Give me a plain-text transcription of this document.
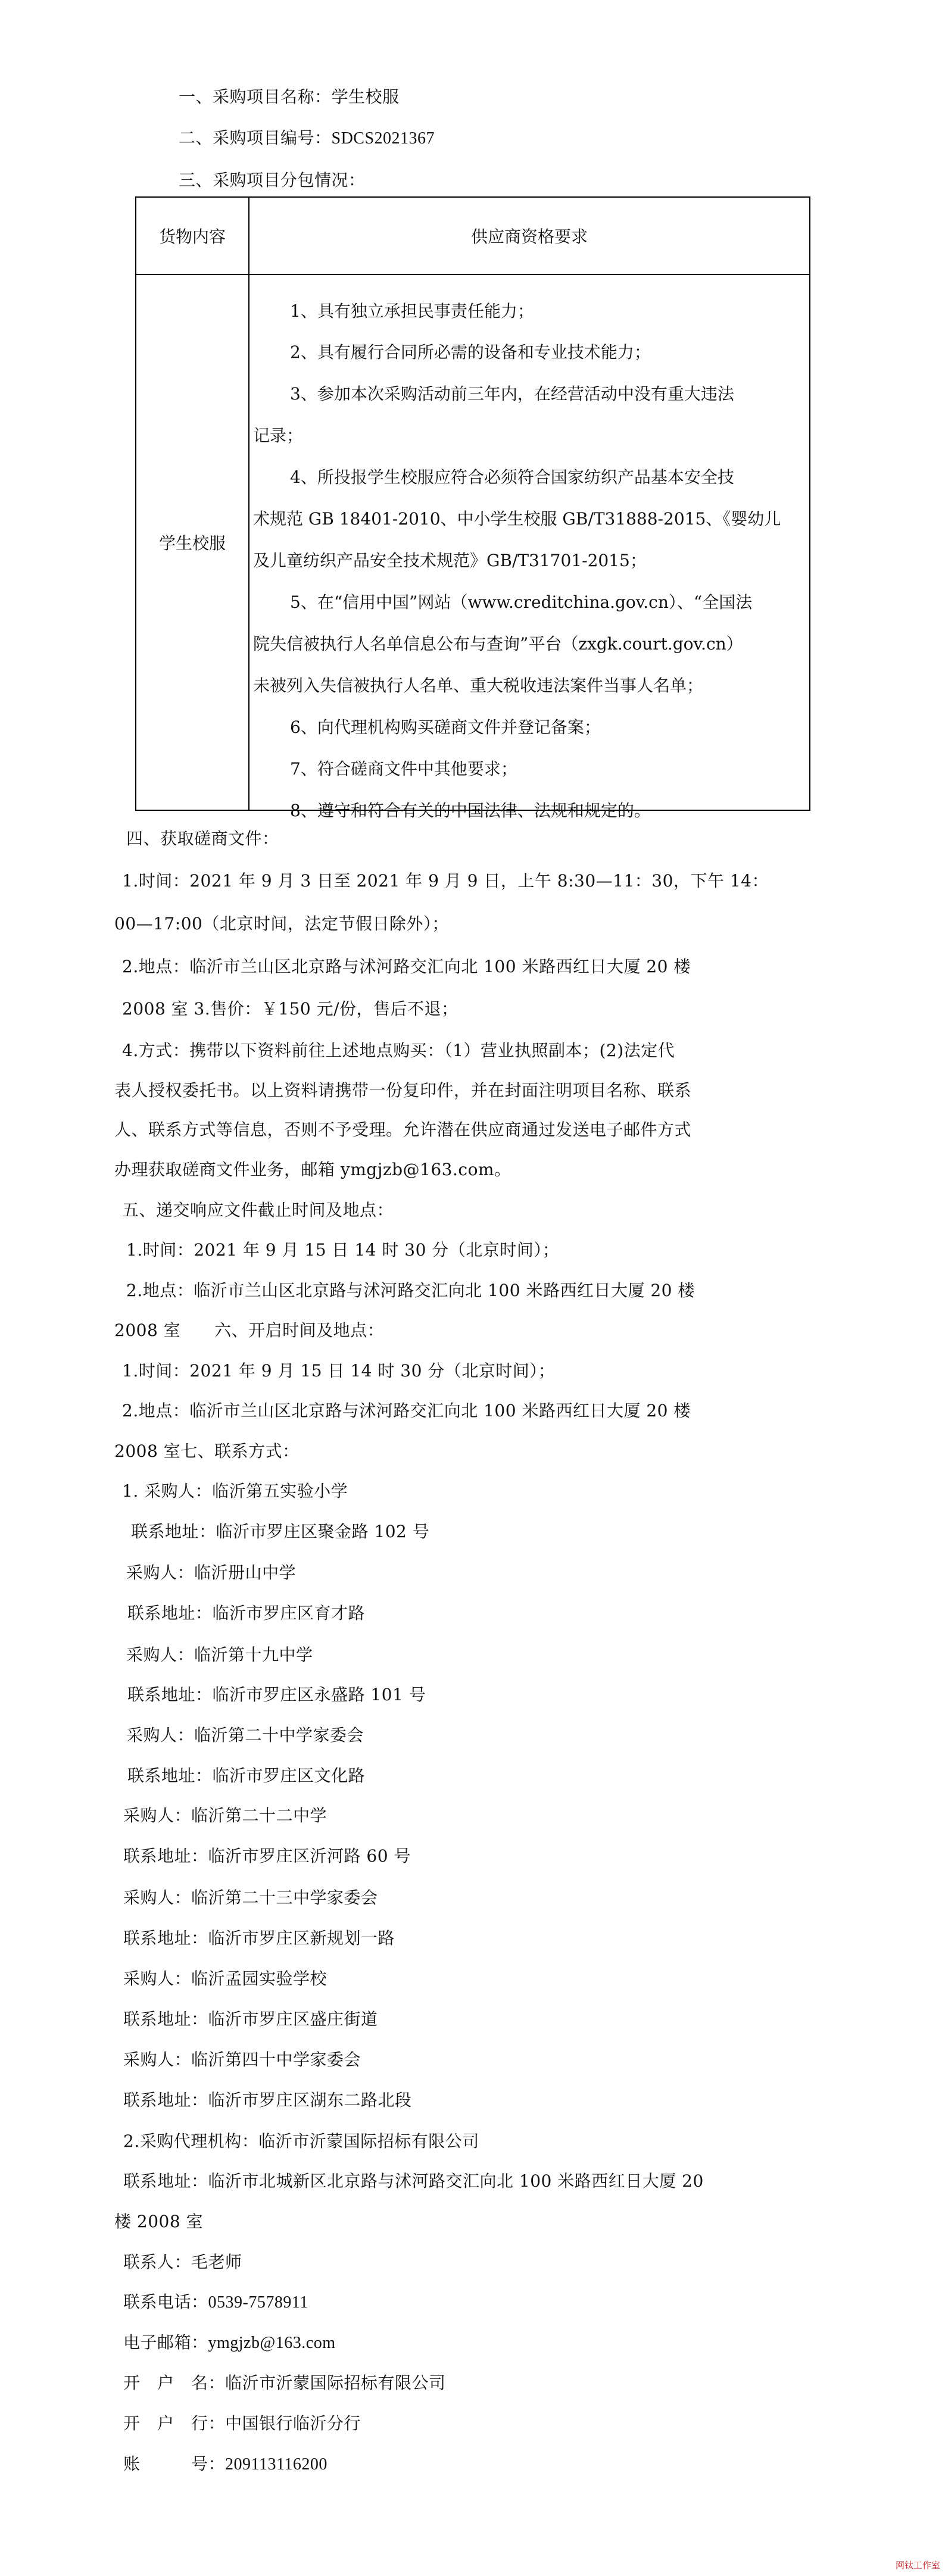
一、采购项目名称：学生校服
二、采购项目编号：SDCS2021367
三、采购项目分包情况：
货物内容	供应商资格要求
学生校服
1、具有独立承担民事责任能力；
2、具有履行合同所必需的设备和专业技术能力；
3、参加本次采购活动前三年内，在经营活动中没有重大违法
记录；
4、所投报学生校服应符合必须符合国家纺织产品基本安全技
术规范 GB 18401-2010、中小学生校服 GB/T31888-2015、《婴幼儿
及儿童纺织产品安全技术规范》GB/T31701-2015；
5、在“信用中国”网站（www.creditchina.gov.cn）、“全国法
院失信被执行人名单信息公布与查询”平台（zxgk.court.gov.cn）
未被列入失信被执行人名单、重大税收违法案件当事人名单；
6、向代理机构购买磋商文件并登记备案；
7、符合磋商文件中其他要求；
8、遵守和符合有关的中国法律、法规和规定的。
四、获取磋商文件：
1.时间：2021 年 9 月 3 日至 2021 年 9 月 9 日，上午 8:30—11：30，下午 14：
00—17:00（北京时间，法定节假日除外）；
2.地点：临沂市兰山区北京路与沭河路交汇向北 100 米路西红日大厦 20 楼
2008 室 3.售价：￥150 元/份，售后不退；
4.方式：携带以下资料前往上述地点购买：（1）营业执照副本；(2)法定代
表人授权委托书。以上资料请携带一份复印件，并在封面注明项目名称、联系
人、联系方式等信息，否则不予受理。允许潜在供应商通过发送电子邮件方式
办理获取磋商文件业务，邮箱 ymgjzb@163.com。
五、递交响应文件截止时间及地点：
1.时间：2021 年 9 月 15 日 14 时 30 分（北京时间）；
2.地点：临沂市兰山区北京路与沭河路交汇向北 100 米路西红日大厦 20 楼
2008 室　　六、开启时间及地点：
1.时间：2021 年 9 月 15 日 14 时 30 分（北京时间）；
2.地点：临沂市兰山区北京路与沭河路交汇向北 100 米路西红日大厦 20 楼
2008 室七、联系方式：
1. 采购人：临沂第五实验小学
联系地址：临沂市罗庄区聚金路 102 号
采购人：临沂册山中学
联系地址：临沂市罗庄区育才路
采购人：临沂第十九中学
联系地址：临沂市罗庄区永盛路 101 号
采购人：临沂第二十中学家委会
联系地址：临沂市罗庄区文化路
采购人：临沂第二十二中学
联系地址：临沂市罗庄区沂河路 60 号
采购人：临沂第二十三中学家委会
联系地址：临沂市罗庄区新规划一路
采购人：临沂孟园实验学校
联系地址：临沂市罗庄区盛庄街道
采购人：临沂第四十中学家委会
联系地址：临沂市罗庄区湖东二路北段
2.采购代理机构：临沂市沂蒙国际招标有限公司
联系地址：临沂市北城新区北京路与沭河路交汇向北 100 米路西红日大厦 20
楼 2008 室
联系人：毛老师
联系电话：0539-7578911
电子邮箱：ymgjzb@163.com
开　户　名：临沂市沂蒙国际招标有限公司
开　户　行：中国银行临沂分行
账　　　号：209113116200
网钛工作室
